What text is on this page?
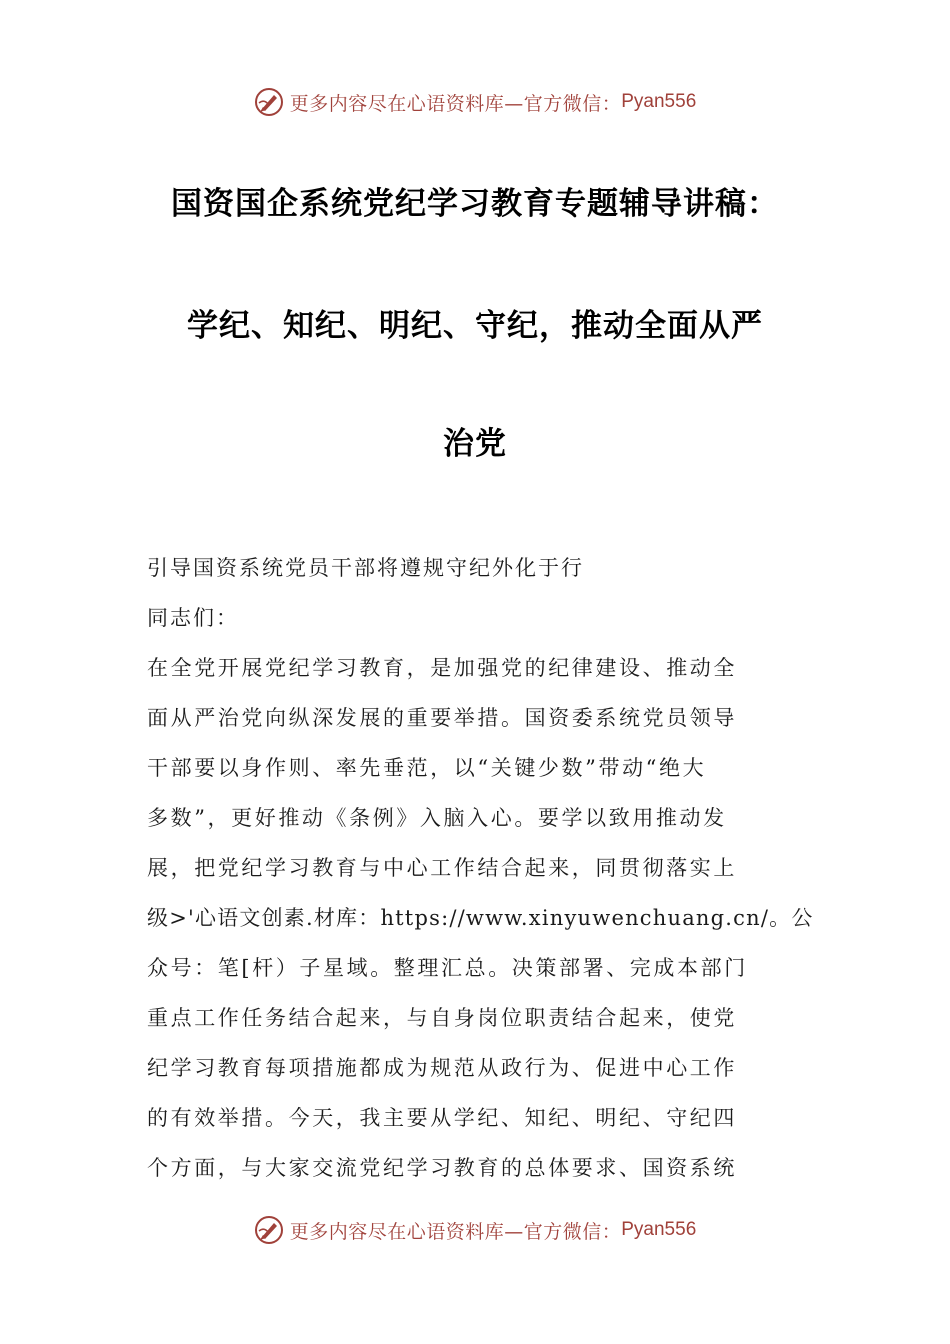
更多内容尽在心语资料库—官方微信： Pyan556
国资国企系统党纪学习教育专题辅导讲稿：
学纪、知纪、明纪、守纪，推动全面从严
治党
引导国资系统党员干部将遵规守纪外化于行
同志们：
在全党开展党纪学习教育，是加强党的纪律建设、推动全
面从严治党向纵深发展的重要举措。国资委系统党员领导
干部要以身作则、率先垂范，以“关键少数”带动“绝大
多数”，更好推动《条例》入脑入心。要学以致用推动发
展，把党纪学习教育与中心工作结合起来，同贯彻落实上
级>'心语文创素.材库：https://www.xinyuwenchuang.cn/。公
众号：笔[杆）子星域。整理汇总。决策部署、完成本部门
重点工作任务结合起来，与自身岗位职责结合起来，使党
纪学习教育每项措施都成为规范从政行为、促进中心工作
的有效举措。今天，我主要从学纪、知纪、明纪、守纪四
个方面，与大家交流党纪学习教育的总体要求、国资系统
更多内容尽在心语资料库—官方微信： Pyan556
